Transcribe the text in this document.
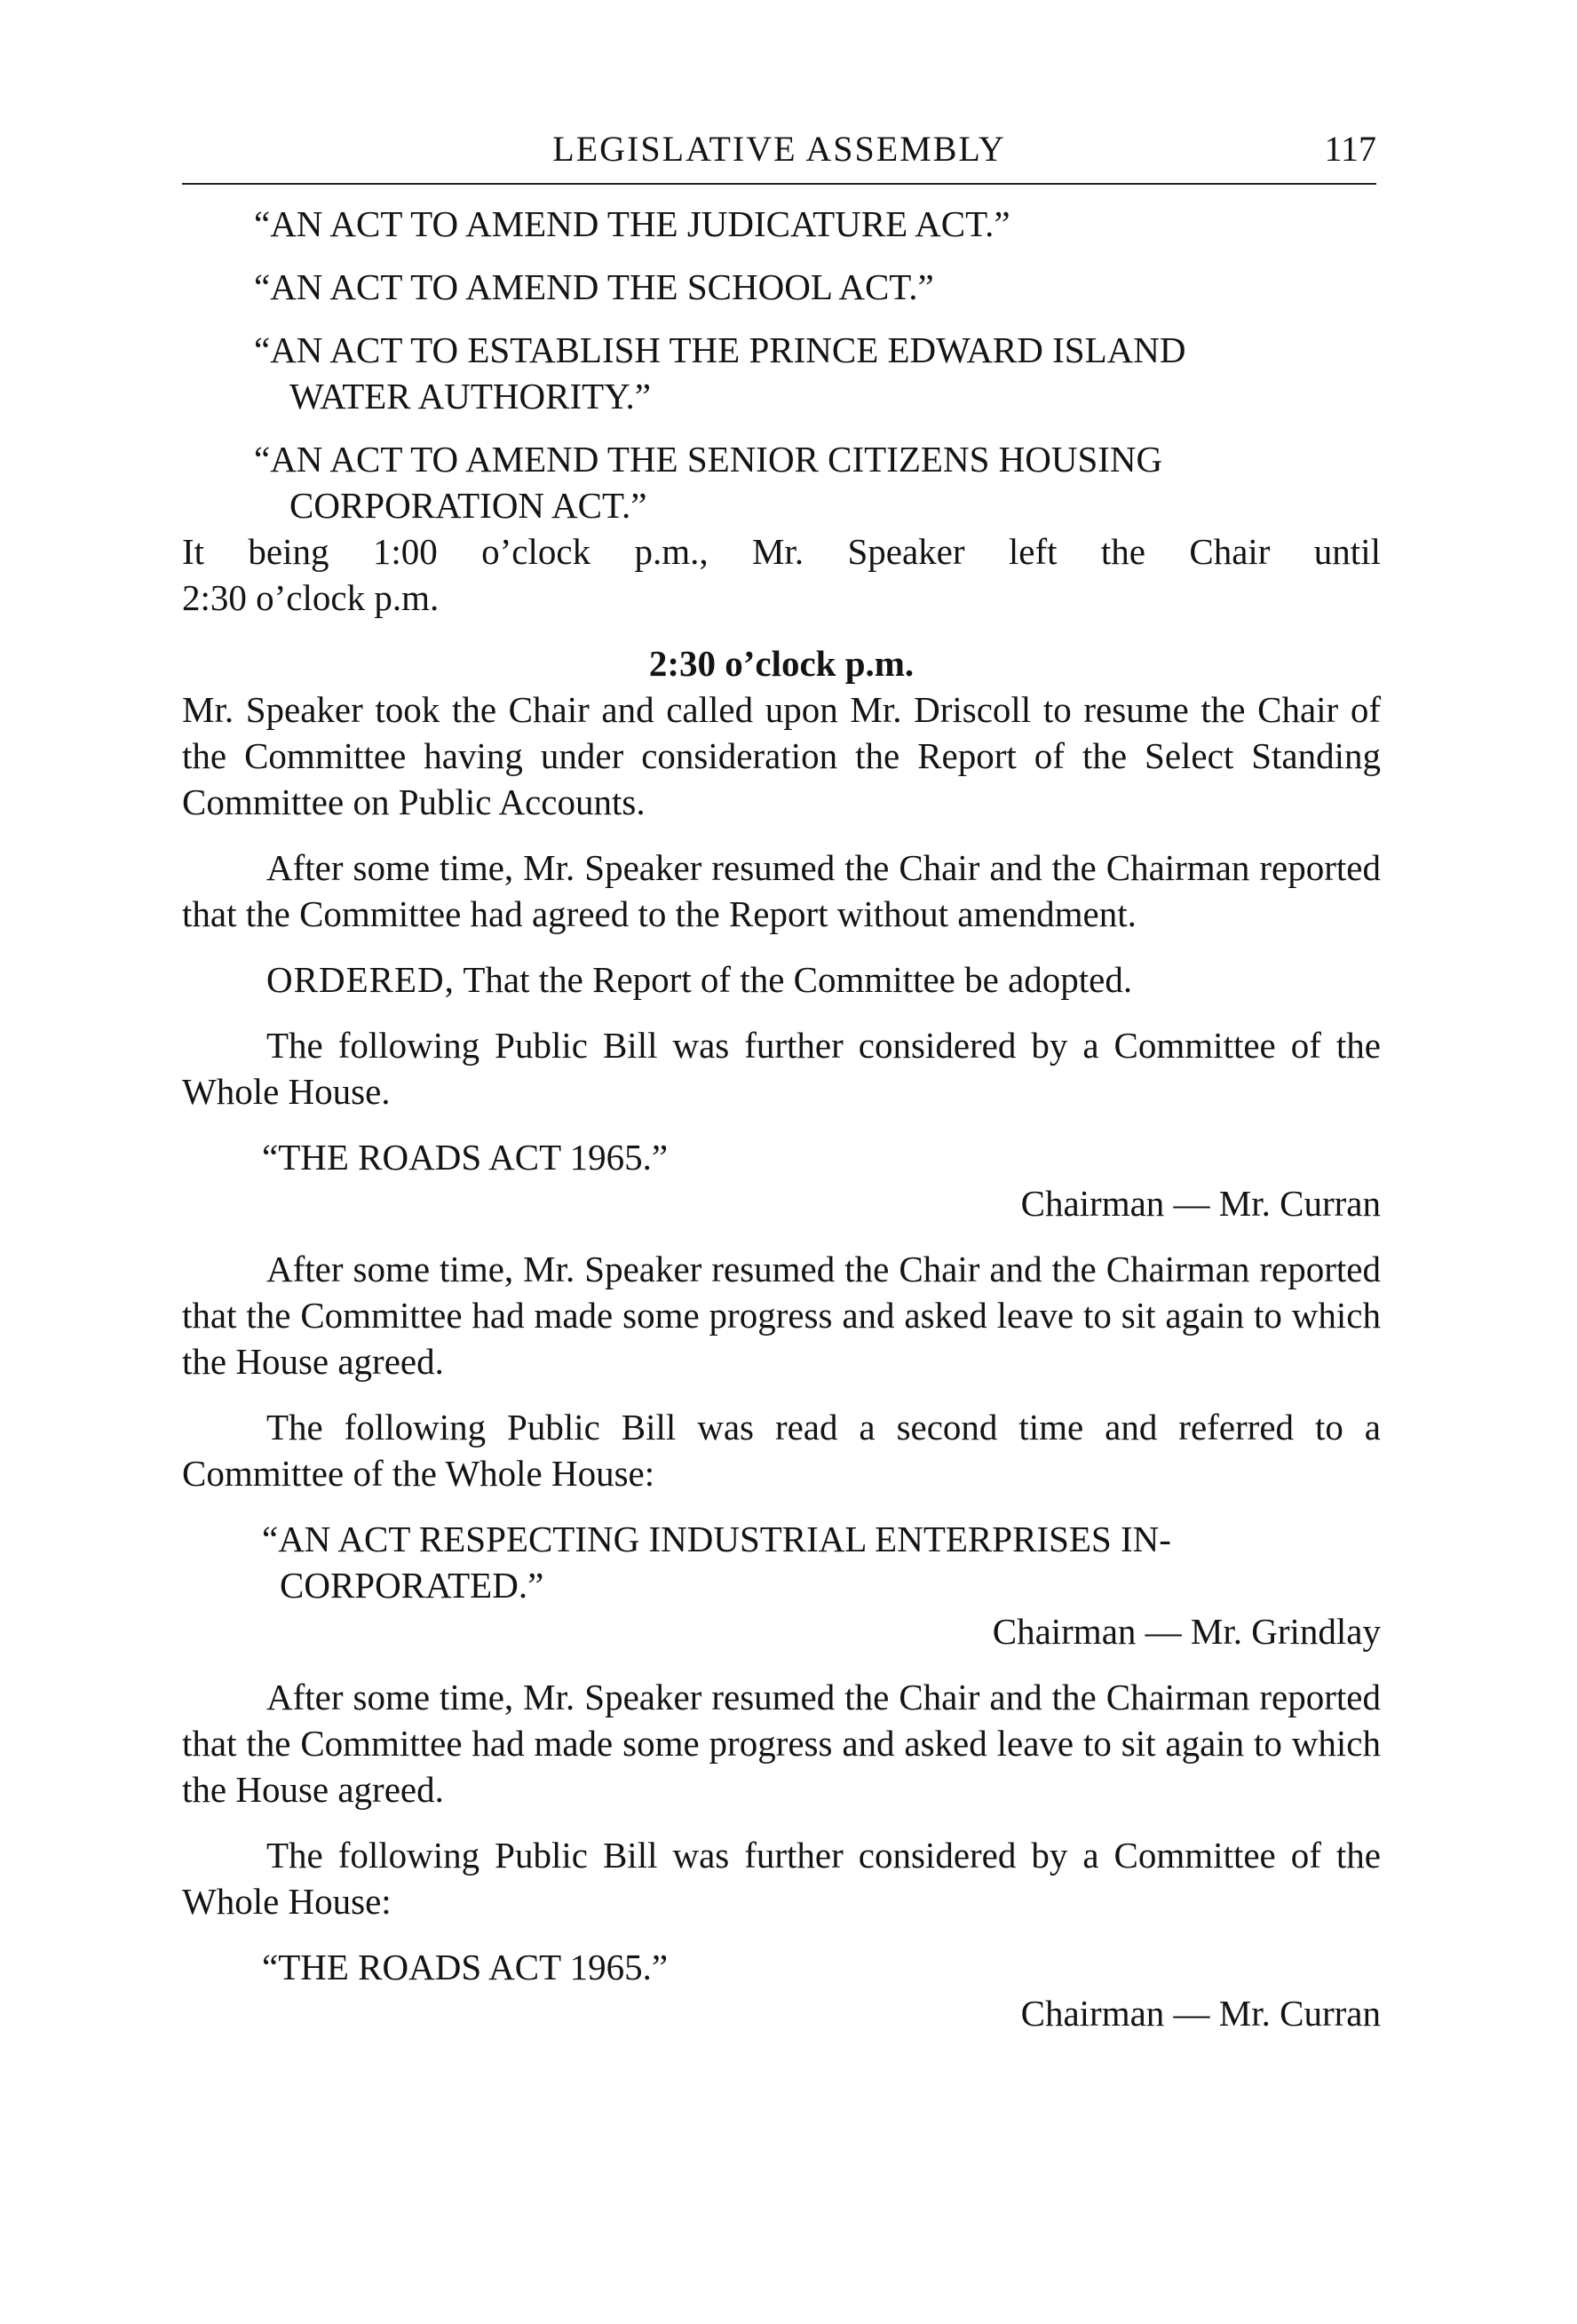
LEGISLATIVE ASSEMBLY	117

“AN ACT TO AMEND THE JUDICATURE ACT.”

“AN ACT TO AMEND THE SCHOOL ACT.”

“AN ACT TO ESTABLISH THE PRINCE EDWARD ISLAND

WATER AUTHORITY.”

“AN ACT TO AMEND THE SENIOR CITIZENS HOUSING

CORPORATION ACT.”

It being 1:00 o’clock p.m., Mr. Speaker left the Chair until

2:30 o’clock p.m.

2:30 o’clock p.m.

Mr. Speaker took the Chair and called upon Mr. Driscoll to resume the Chair of the Committee having under consideration the Report of the Select Standing Committee on Public Accounts.

After some time, Mr. Speaker resumed the Chair and the Chairman reported that the Committee had agreed to the Report without amendment.

ORDERED, That the Report of the Committee be adopted.

The following Public Bill was further considered by a Committee of the Whole House.

“THE ROADS ACT 1965.”

Chairman — Mr. Curran

After some time, Mr. Speaker resumed the Chair and the Chairman reported that the Committee had made some progress and asked leave to sit again to which the House agreed.

The following Public Bill was read a second time and referred to a Committee of the Whole House:

“AN ACT RESPECTING INDUSTRIAL ENTERPRISES IN-

CORPORATED.”

Chairman — Mr. Grindlay

After some time, Mr. Speaker resumed the Chair and the Chairman reported that the Committee had made some progress and asked leave to sit again to which the House agreed.

The following Public Bill was further considered by a Committee of the Whole House:

“THE ROADS ACT 1965.”

Chairman — Mr. Curran
